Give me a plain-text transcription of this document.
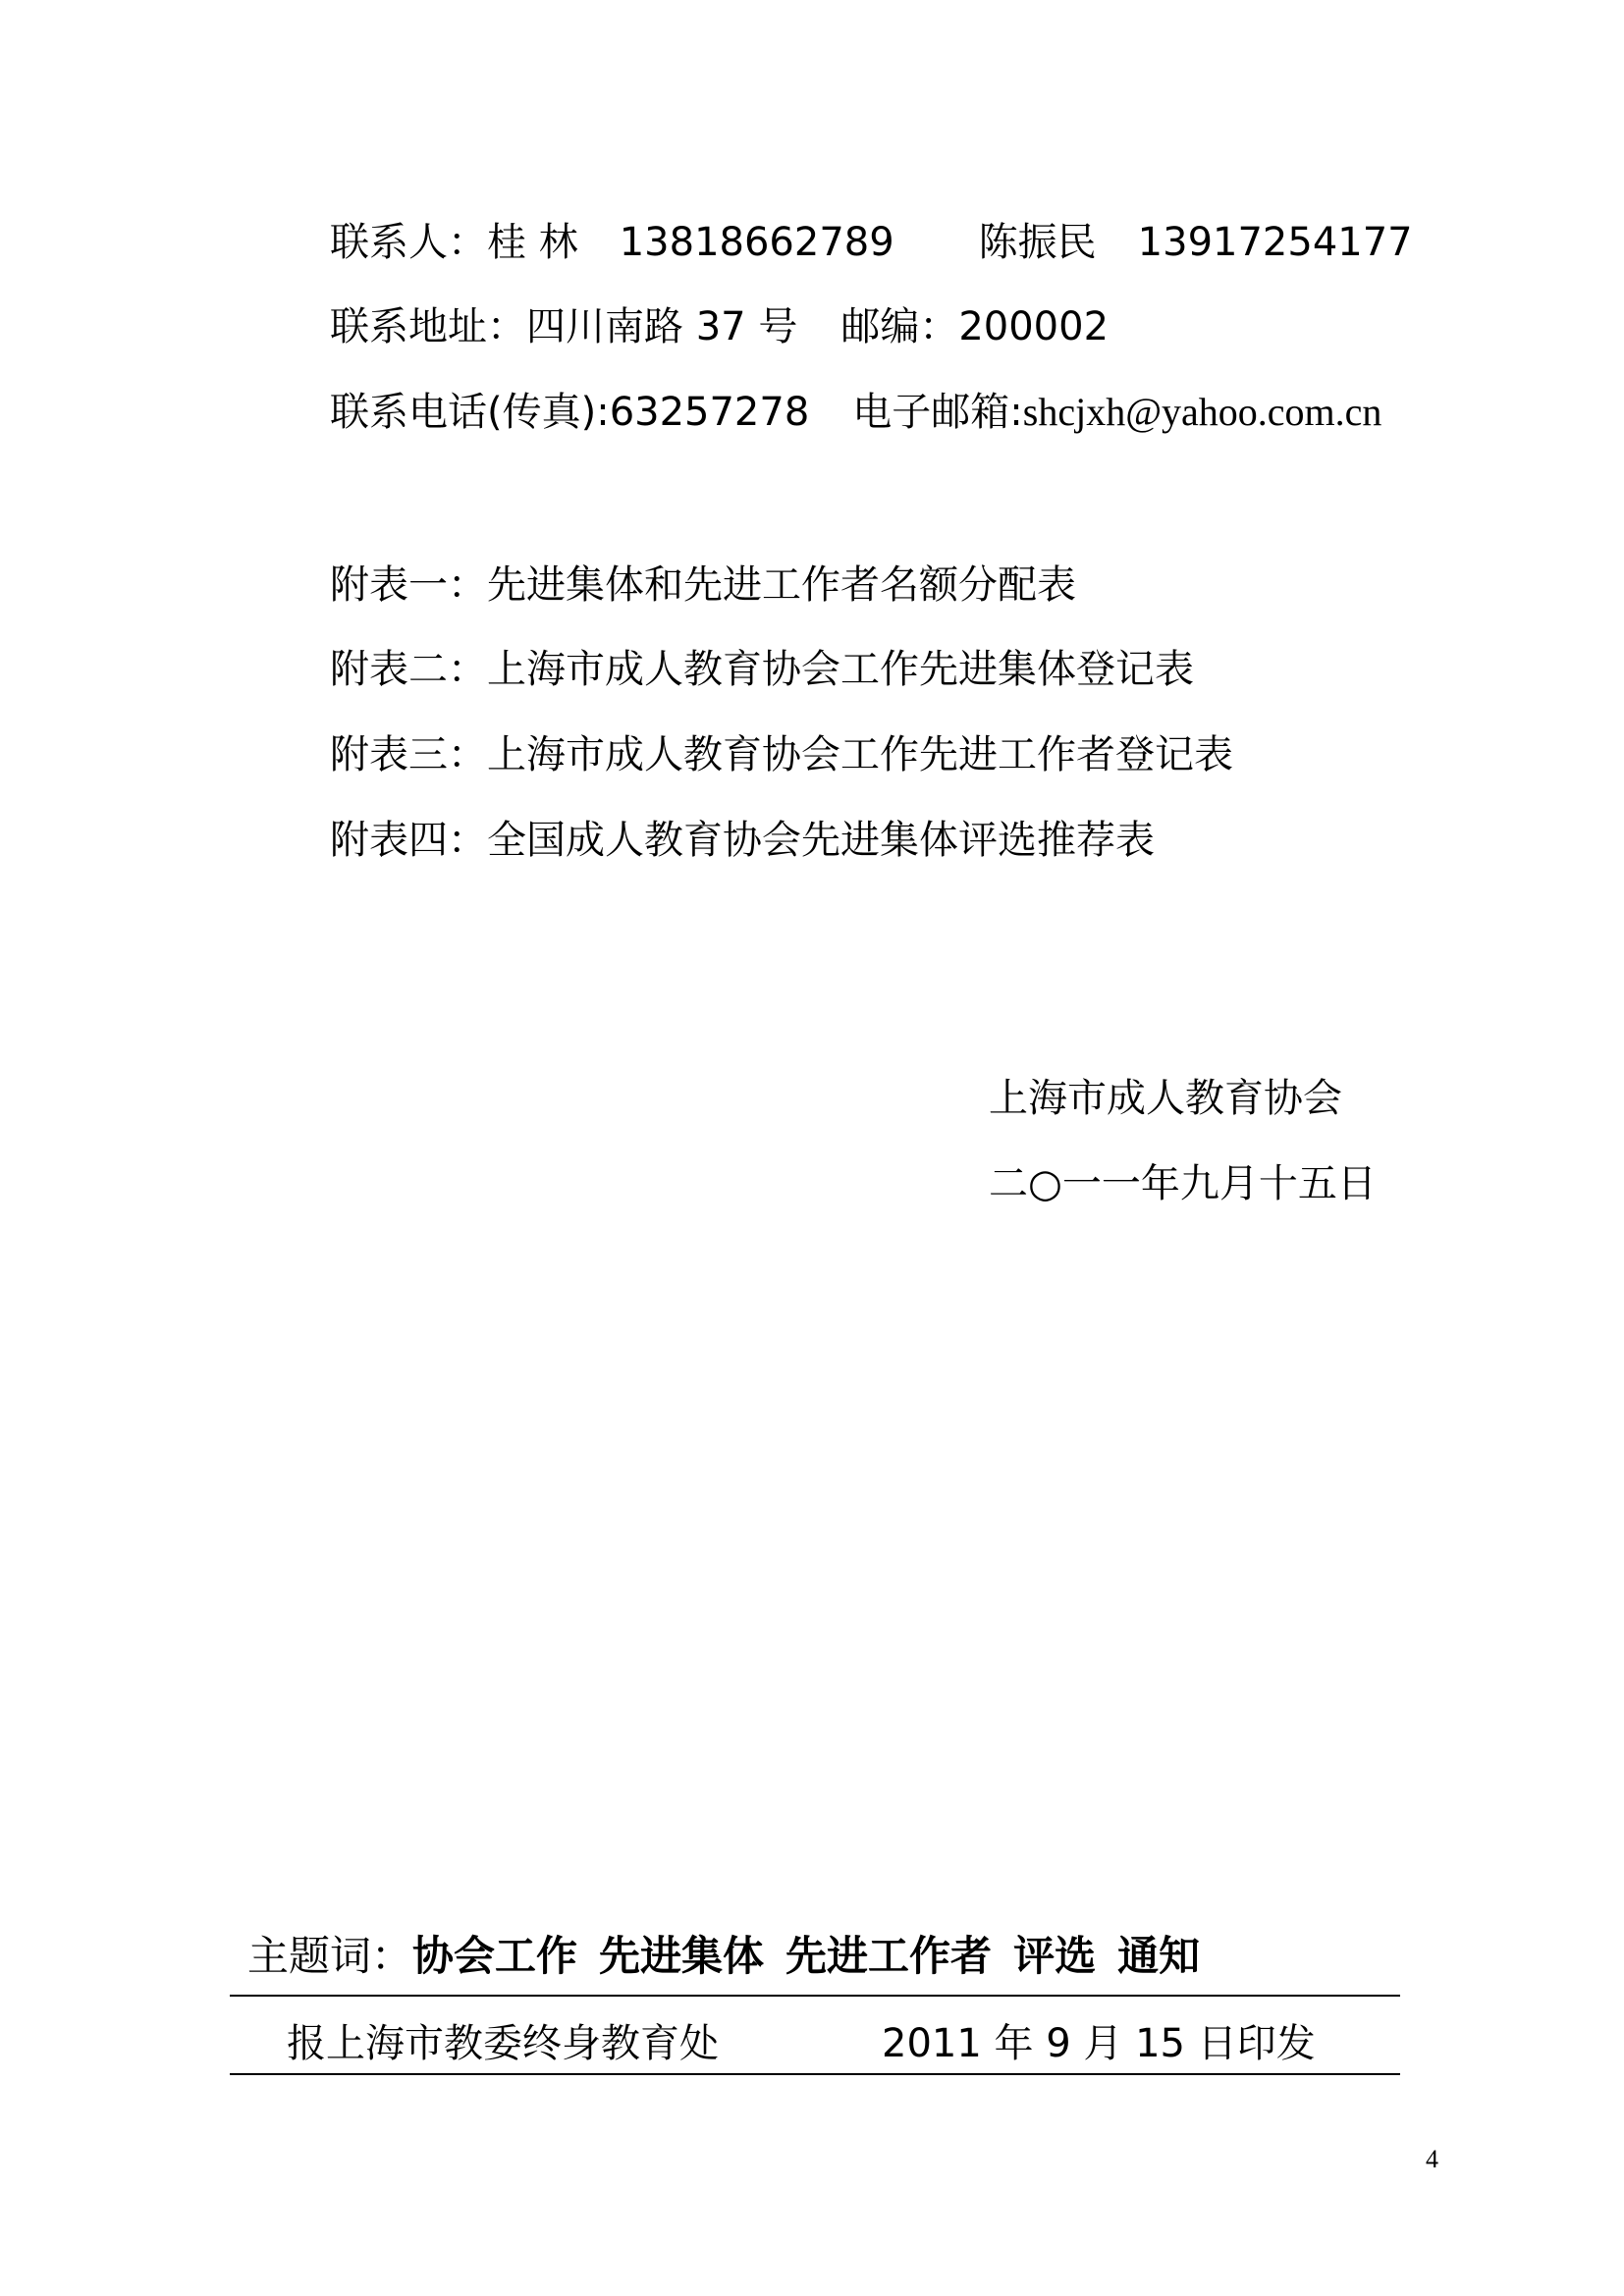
联系人：桂 林 13818662789 陈振民 13917254177
联系地址：四川南路 37 号 邮编：200002
联系电话(传真):63257278 电子邮箱:shcjxh@yahoo.com.cn
附表一：先进集体和先进工作者名额分配表
附表二：上海市成人教育协会工作先进集体登记表
附表三：上海市成人教育协会工作先进工作者登记表
附表四：全国成人教育协会先进集体评选推荐表
上海市成人教育协会
二○一一年九月十五日
主题词：协会工作 先进集体 先进工作者 评选 通知
报上海市教委终身教育处	2011 年 9 月 15 日印发
4
